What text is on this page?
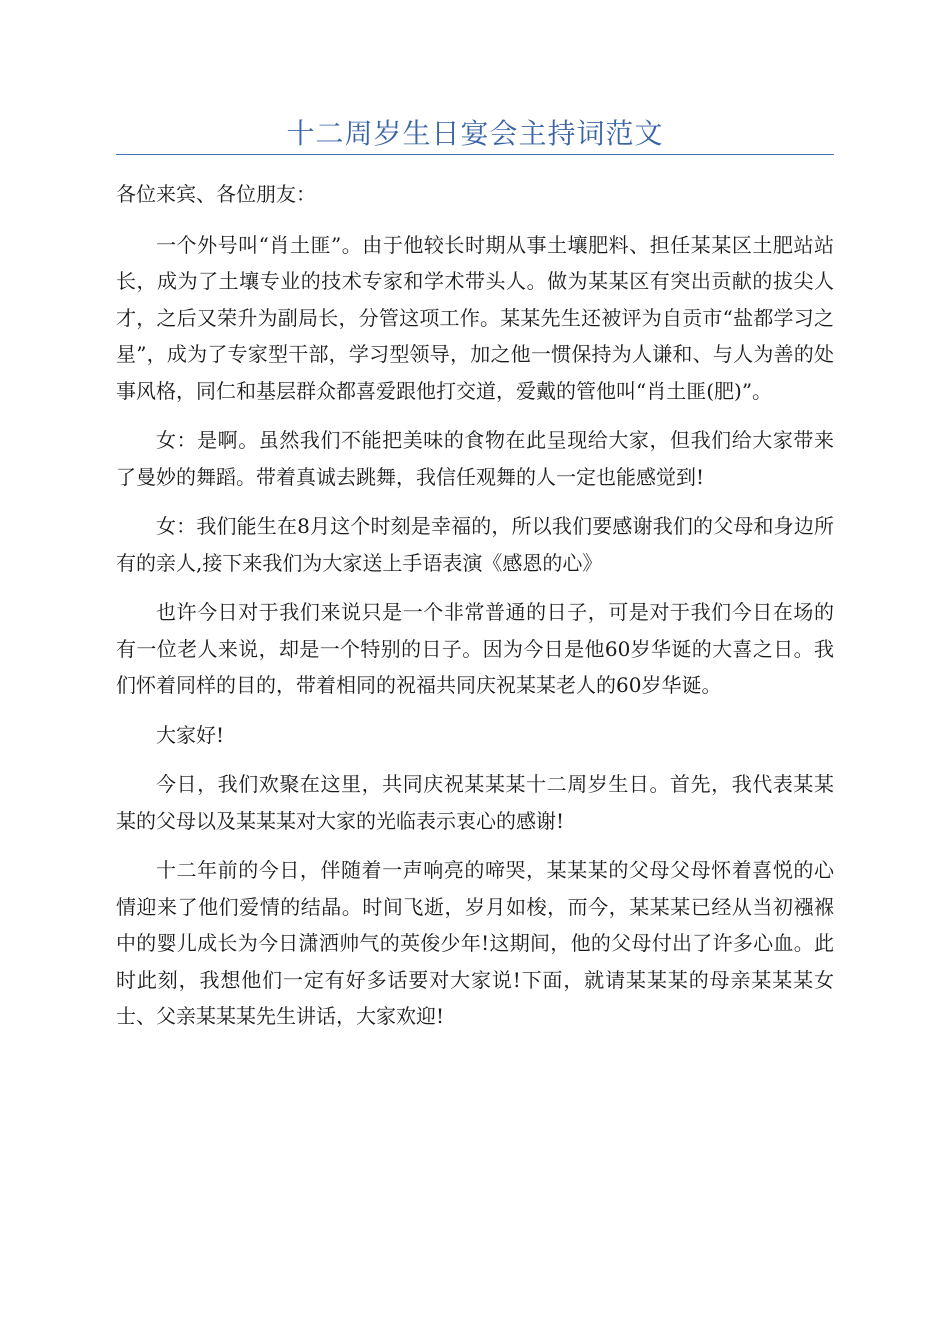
十二周岁生日宴会主持词范文

各位来宾、各位朋友：

一个外号叫“肖土匪”。由于他较长时期从事土壤肥料、担任某某区土肥站站长，成为了土壤专业的技术专家和学术带头人。做为某某区有突出贡献的拔尖人才，之后又荣升为副局长，分管这项工作。某某先生还被评为自贡市“盐都学习之星”，成为了专家型干部，学习型领导，加之他一惯保持为人谦和、与人为善的处事风格，同仁和基层群众都喜爱跟他打交道，爱戴的管他叫“肖土匪(肥)”。

女：是啊。虽然我们不能把美味的食物在此呈现给大家，但我们给大家带来了曼妙的舞蹈。带着真诚去跳舞，我信任观舞的人一定也能感觉到!

女：我们能生在8月这个时刻是幸福的，所以我们要感谢我们的父母和身边所有的亲人,接下来我们为大家送上手语表演《感恩的心》

也许今日对于我们来说只是一个非常普通的日子，可是对于我们今日在场的有一位老人来说，却是一个特别的日子。因为今日是他60岁华诞的大喜之日。我们怀着同样的目的，带着相同的祝福共同庆祝某某老人的60岁华诞。

大家好!

今日，我们欢聚在这里，共同庆祝某某某十二周岁生日。首先，我代表某某某的父母以及某某某对大家的光临表示衷心的感谢!

十二年前的今日，伴随着一声响亮的啼哭，某某某的父母父母怀着喜悦的心情迎来了他们爱情的结晶。时间飞逝，岁月如梭，而今，某某某已经从当初襁褓中的婴儿成长为今日潇洒帅气的英俊少年!这期间，他的父母付出了许多心血。此时此刻，我想他们一定有好多话要对大家说!下面，就请某某某的母亲某某某女士、父亲某某某先生讲话，大家欢迎!
